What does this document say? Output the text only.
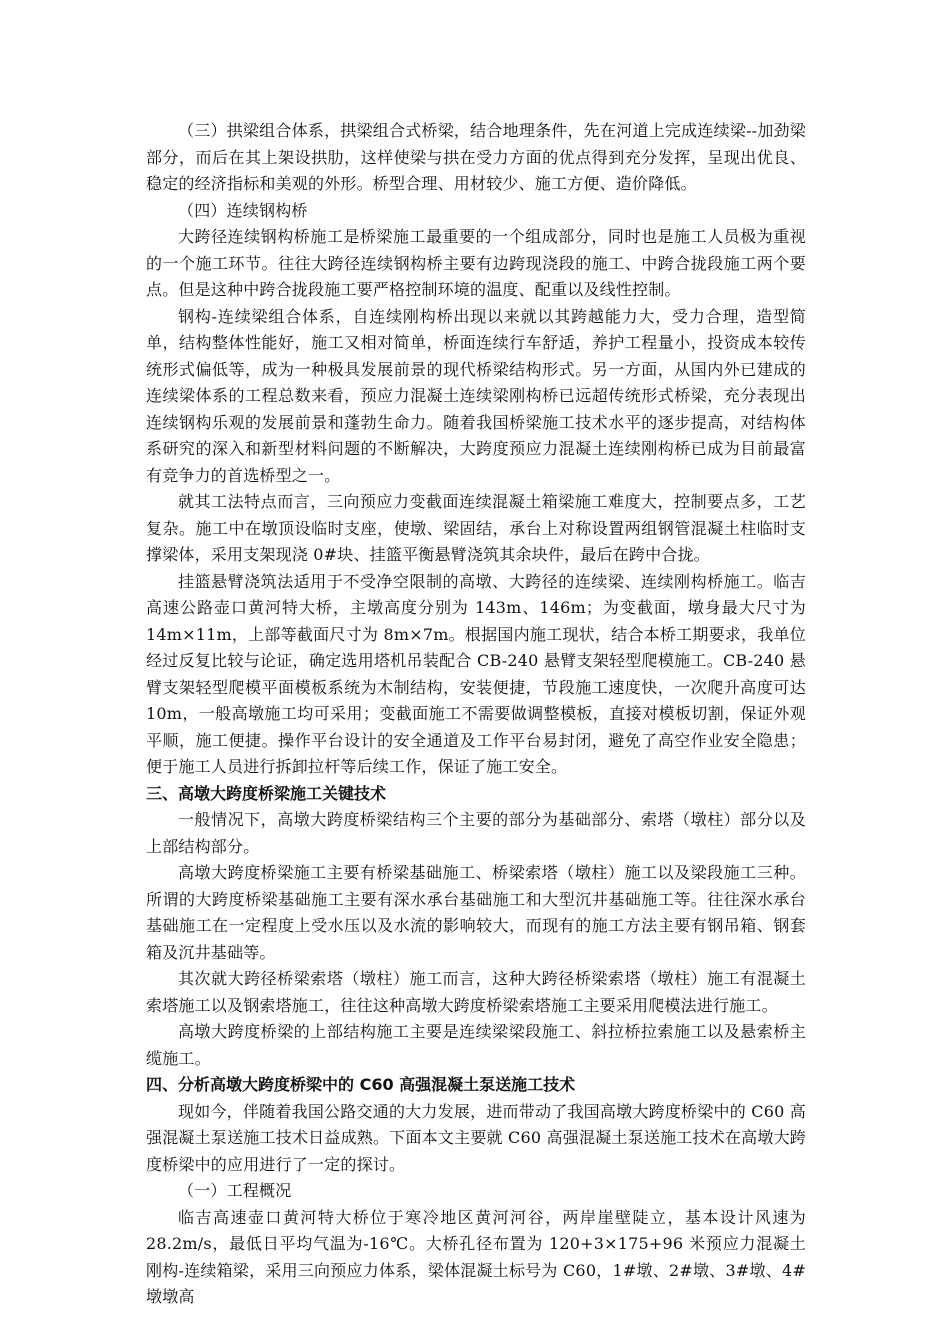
（三）拱梁组合体系，拱梁组合式桥梁，结合地理条件，先在河道上完成连续梁--加劲梁部分，而后在其上架设拱肋，这样使梁与拱在受力方面的优点得到充分发挥，呈现出优良、稳定的经济指标和美观的外形。桥型合理、用材较少、施工方便、造价降低。

（四）连续钢构桥

大跨径连续钢构桥施工是桥梁施工最重要的一个组成部分，同时也是施工人员极为重视的一个施工环节。往往大跨径连续钢构桥主要有边跨现浇段的施工、中跨合拢段施工两个要点。但是这种中跨合拢段施工要严格控制环境的温度、配重以及线性控制。

钢构-连续梁组合体系，自连续刚构桥出现以来就以其跨越能力大，受力合理，造型简单，结构整体性能好，施工又相对简单，桥面连续行车舒适，养护工程量小，投资成本较传统形式偏低等，成为一种极具发展前景的现代桥梁结构形式。另一方面，从国内外已建成的连续梁体系的工程总数来看，预应力混凝土连续梁刚构桥已远超传统形式桥梁，充分表现出连续钢构乐观的发展前景和蓬勃生命力。随着我国桥梁施工技术水平的逐步提高，对结构体系研究的深入和新型材料问题的不断解决，大跨度预应力混凝土连续刚构桥已成为目前最富有竞争力的首选桥型之一。

就其工法特点而言，三向预应力变截面连续混凝土箱梁施工难度大，控制要点多，工艺复杂。施工中在墩顶设临时支座，使墩、梁固结，承台上对称设置两组钢管混凝土柱临时支撑梁体，采用支架现浇 0#块、挂篮平衡悬臂浇筑其余块件，最后在跨中合拢。

挂篮悬臂浇筑法适用于不受净空限制的高墩、大跨径的连续梁、连续刚构桥施工。临吉高速公路壶口黄河特大桥，主墩高度分别为 143m、146m；为变截面，墩身最大尺寸为 14m×11m，上部等截面尺寸为 8m×7m。根据国内施工现状，结合本桥工期要求，我单位经过反复比较与论证，确定选用塔机吊装配合 CB-240 悬臂支架轻型爬模施工。CB-240 悬臂支架轻型爬模平面模板系统为木制结构，安装便捷，节段施工速度快，一次爬升高度可达 10m，一般高墩施工均可采用；变截面施工不需要做调整模板，直接对模板切割，保证外观平顺，施工便捷。操作平台设计的安全通道及工作平台易封闭，避免了高空作业安全隐患；便于施工人员进行拆卸拉杆等后续工作，保证了施工安全。

三、高墩大跨度桥梁施工关键技术

一般情况下，高墩大跨度桥梁结构三个主要的部分为基础部分、索塔（墩柱）部分以及上部结构部分。

高墩大跨度桥梁施工主要有桥梁基础施工、桥梁索塔（墩柱）施工以及梁段施工三种。所谓的大跨度桥梁基础施工主要有深水承台基础施工和大型沉井基础施工等。往往深水承台基础施工在一定程度上受水压以及水流的影响较大，而现有的施工方法主要有钢吊箱、钢套箱及沉井基础等。

其次就大跨径桥梁索塔（墩柱）施工而言，这种大跨径桥梁索塔（墩柱）施工有混凝土索塔施工以及钢索塔施工，往往这种高墩大跨度桥梁索塔施工主要采用爬模法进行施工。

高墩大跨度桥梁的上部结构施工主要是连续梁梁段施工、斜拉桥拉索施工以及悬索桥主缆施工。

四、分析高墩大跨度桥梁中的 C60 高强混凝土泵送施工技术

现如今，伴随着我国公路交通的大力发展，进而带动了我国高墩大跨度桥梁中的 C60 高强混凝土泵送施工技术日益成熟。下面本文主要就 C60 高强混凝土泵送施工技术在高墩大跨度桥梁中的应用进行了一定的探讨。

（一）工程概况

临吉高速壶口黄河特大桥位于寒冷地区黄河河谷，两岸崖壁陡立，基本设计风速为 28.2m/s，最低日平均气温为-16℃。大桥孔径布置为 120+3×175+96 米预应力混凝土刚构-连续箱梁，采用三向预应力体系，梁体混凝土标号为 C60，1#墩、2#墩、3#墩、4#墩墩高
